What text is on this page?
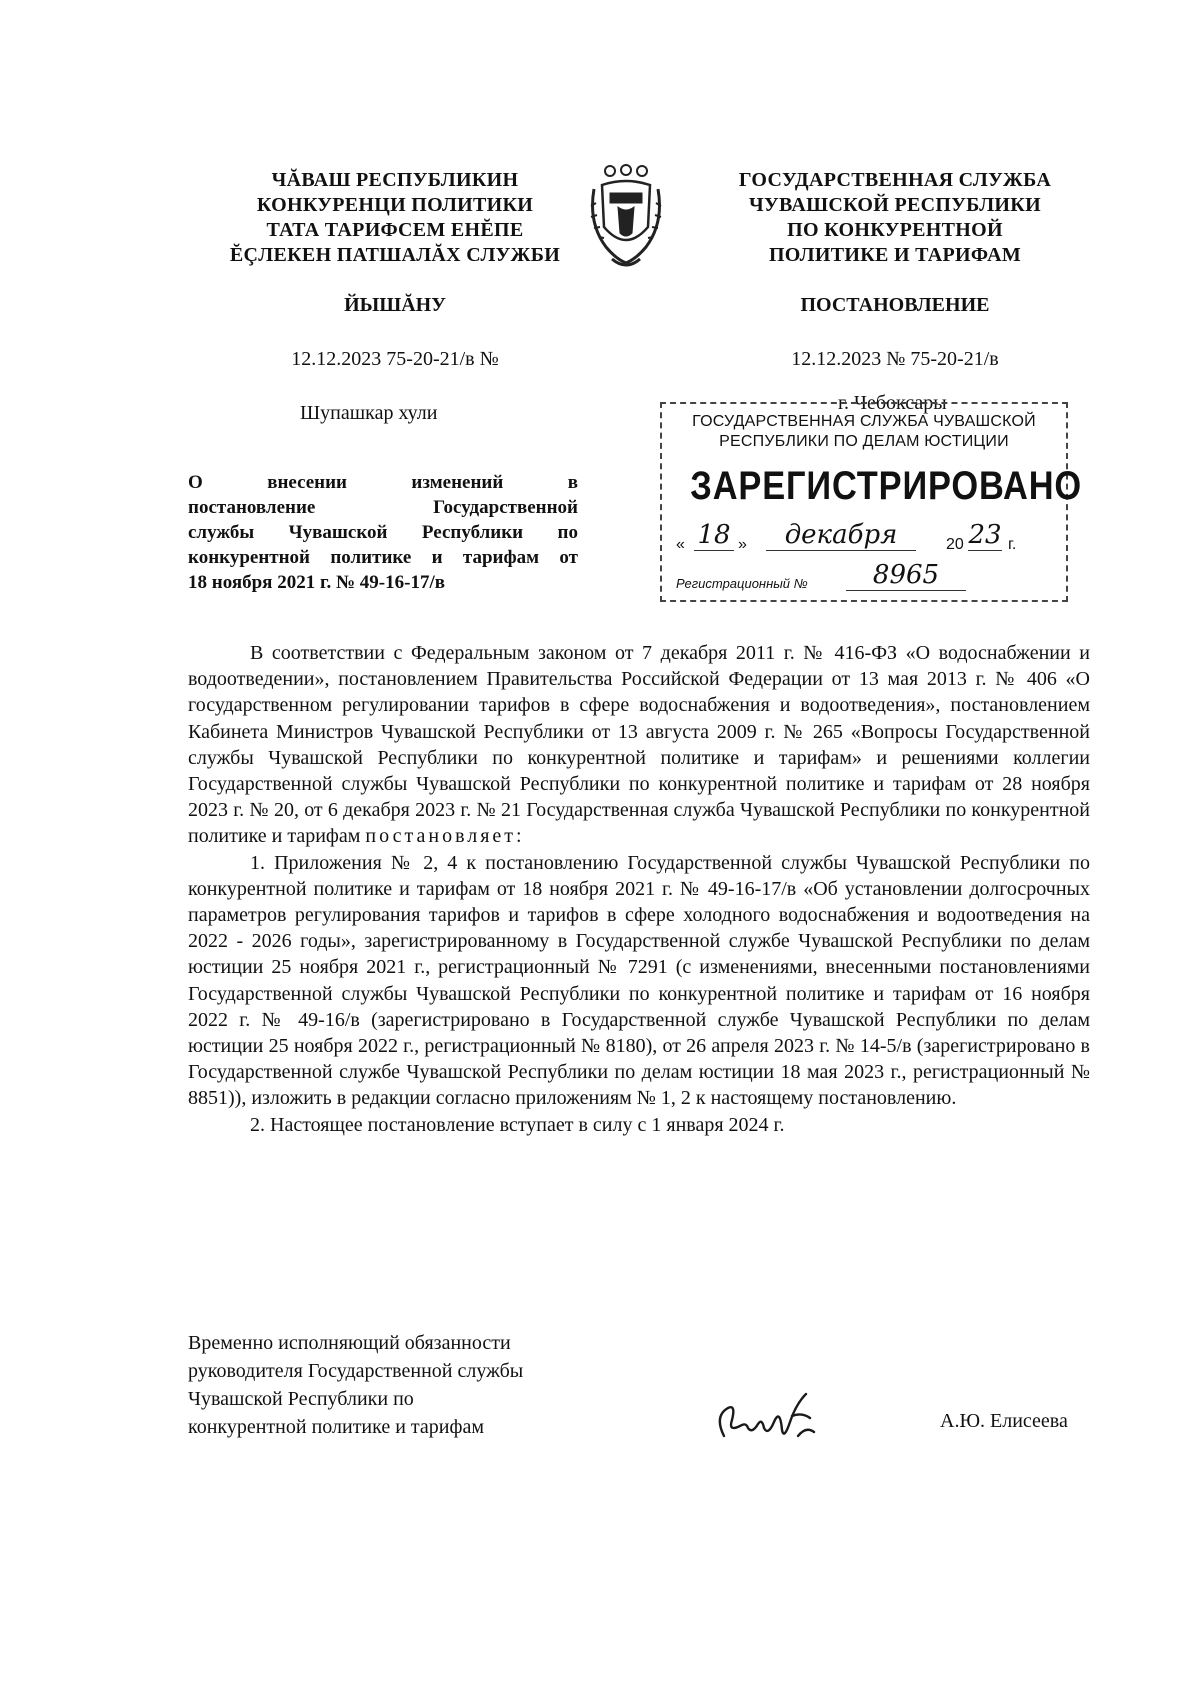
ЧĂВАШ РЕСПУБЛИКИН
КОНКУРЕНЦИ ПОЛИТИКИ
ТАТА ТАРИФСЕМ ЕНĔПЕ
ĔÇЛЕКЕН ПАТШАЛĂХ СЛУЖБИ
ГОСУДАРСТВЕННАЯ СЛУЖБА
ЧУВАШСКОЙ РЕСПУБЛИКИ
ПО КОНКУРЕНТНОЙ
ПОЛИТИКЕ И ТАРИФАМ
ЙЫШĂНУ	ПОСТАНОВЛЕНИЕ
12.12.2023 75-20-21/в №	12.12.2023 № 75-20-21/в
Шупашкар хули	г. Чебоксары
О внесении изменений в
постановление Государственной
службы Чувашской Республики по
конкурентной политике и тарифам от
18 ноября 2021 г. № 49-16-17/в
ГОСУДАРСТВЕННАЯ СЛУЖБА ЧУВАШСКОЙ
РЕСПУБЛИКИ ПО ДЕЛАМ ЮСТИЦИИ
ЗАРЕГИСТРИРОВАНО
« 18 »	декабря	20 23 г.
Регистрационный №	8965

В соответствии с Федеральным законом от 7 декабря 2011 г. № 416-ФЗ «О водоснабжении и водоотведении», постановлением Правительства Российской Федерации от 13 мая 2013 г. № 406 «О государственном регулировании тарифов в сфере водоснабжения и водоотведения», постановлением Кабинета Министров Чувашской Республики от 13 августа 2009 г. № 265 «Вопросы Государственной службы Чувашской Республики по конкурентной политике и тарифам» и решениями коллегии Государственной службы Чувашской Республики по конкурентной политике и тарифам от 28 ноября 2023 г. № 20, от 6 декабря 2023 г. № 21 Государственная служба Чувашской Республики по конкурентной политике и тарифам постановляет:

1. Приложения № 2, 4 к постановлению Государственной службы Чувашской Республики по конкурентной политике и тарифам от 18 ноября 2021 г. № 49-16-17/в «Об установлении долгосрочных параметров регулирования тарифов и тарифов в сфере холодного водоснабжения и водоотведения на 2022 - 2026 годы», зарегистрированному в Государственной службе Чувашской Республики по делам юстиции 25 ноября 2021 г., регистрационный № 7291 (с изменениями, внесенными постановлениями Государственной службы Чувашской Республики по конкурентной политике и тарифам от 16 ноября 2022 г. № 49-16/в (зарегистрировано в Государственной службе Чувашской Республики по делам юстиции 25 ноября 2022 г., регистрационный № 8180), от 26 апреля 2023 г. № 14-5/в (зарегистрировано в Государственной службе Чувашской Республики по делам юстиции 18 мая 2023 г., регистрационный № 8851)), изложить в редакции согласно приложениям № 1, 2 к настоящему постановлению.

2. Настоящее постановление вступает в силу с 1 января 2024 г.

Временно исполняющий обязанности
руководителя Государственной службы
Чувашской Республики по
конкурентной политике и тарифам	А.Ю. Елисеева
